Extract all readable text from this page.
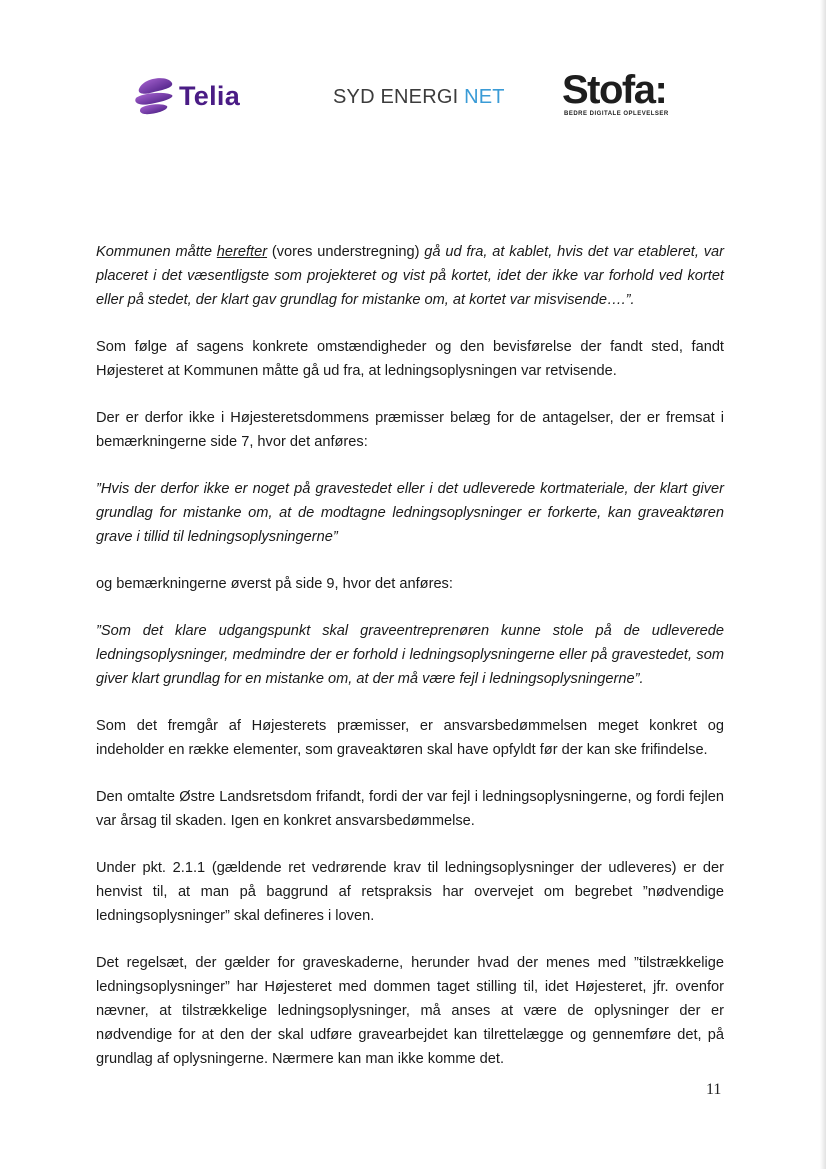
Telia	SYD ENERGI NET Stofa:
BEDRE DIGITALE OPLEVELSER

Kommunen måtte herefter (vores understregning) gå ud fra, at kablet, hvis det var etableret, var placeret i det væsentligste som projekteret og vist på kortet, idet der ikke var forhold ved kortet eller på stedet, der klart gav grundlag for mistanke om, at kortet var misvisende….”.

Som følge af sagens konkrete omstændigheder og den bevisførelse der fandt sted, fandt Højesteret at Kommunen måtte gå ud fra, at ledningsoplysningen var retvisende.

Der er derfor ikke i Højesteretsdommens præmisser belæg for de antagelser, der er fremsat i bemærkningerne side 7, hvor det anføres:

”Hvis der derfor ikke er noget på gravestedet eller i det udleverede kortmateriale, der klart giver grundlag for mistanke om, at de modtagne ledningsoplysninger er forkerte, kan graveaktøren grave i tillid til ledningsoplysningerne”

og bemærkningerne øverst på side 9, hvor det anføres:

”Som det klare udgangspunkt skal graveentreprenøren kunne stole på de udleverede ledningsoplysninger, medmindre der er forhold i ledningsoplysningerne eller på gravestedet, som giver klart grundlag for en mistanke om, at der må være fejl i ledningsoplysningerne”.

Som det fremgår af Højesterets præmisser, er ansvarsbedømmelsen meget konkret og indeholder en række elementer, som graveaktøren skal have opfyldt før der kan ske frifindelse.

Den omtalte Østre Landsretsdom frifandt, fordi der var fejl i ledningsoplysningerne, og fordi fejlen var årsag til skaden. Igen en konkret ansvarsbedømmelse.

Under pkt. 2.1.1 (gældende ret vedrørende krav til ledningsoplysninger der udleveres) er der henvist til, at man på baggrund af retspraksis har overvejet om begrebet ”nødvendige ledningsoplysninger” skal defineres i loven.

Det regelsæt, der gælder for graveskaderne, herunder hvad der menes med ”tilstrækkelige ledningsoplysninger” har Højesteret med dommen taget stilling til, idet Højesteret, jfr. ovenfor nævner, at tilstrækkelige ledningsoplysninger, må anses at være de oplysninger der er nødvendige for at den der skal udføre gravearbejdet kan tilrettelægge og gennemføre det, på grundlag af oplysningerne. Nærmere kan man ikke komme det.

11
